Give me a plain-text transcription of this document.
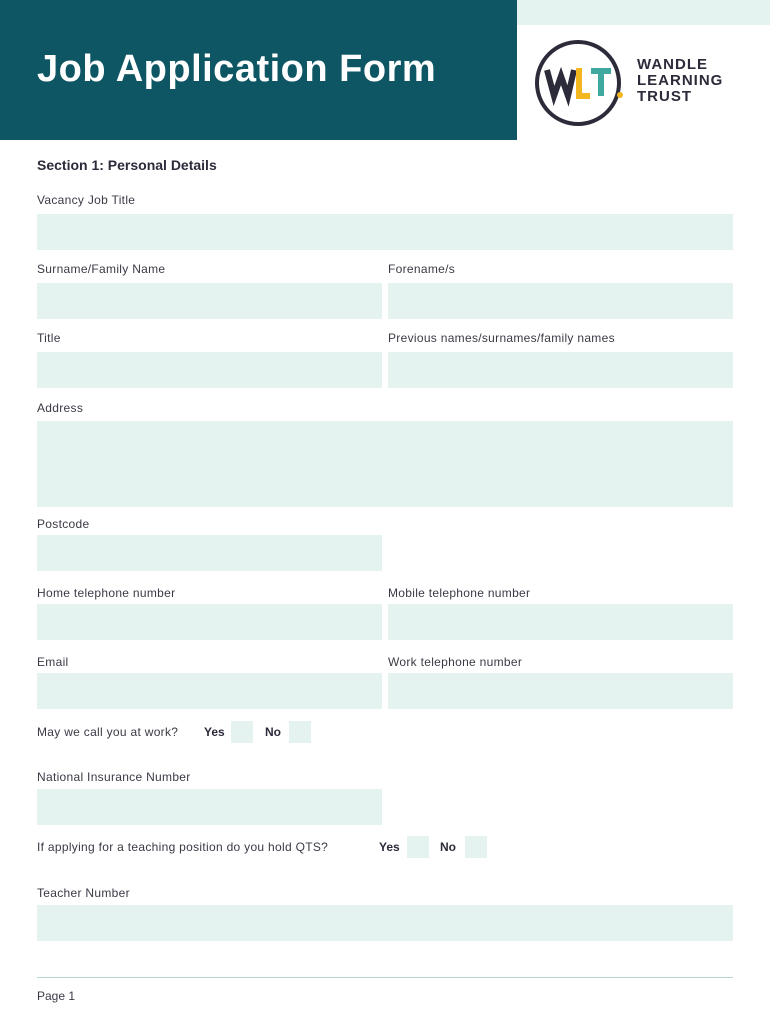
Job Application Form	WANDLE
LEARNING
TRUST
Section 1: Personal Details
Vacancy Job Title
Surname/Family Name	Forename/s
Title	Previous names/surnames/family names
Address
Postcode
Home telephone number	Mobile telephone number
Email	Work telephone number
May we call you at work? Yes	No
National Insurance Number
If applying for a teaching position do you hold QTS?	Yes	No
Teacher Number
Page 1
